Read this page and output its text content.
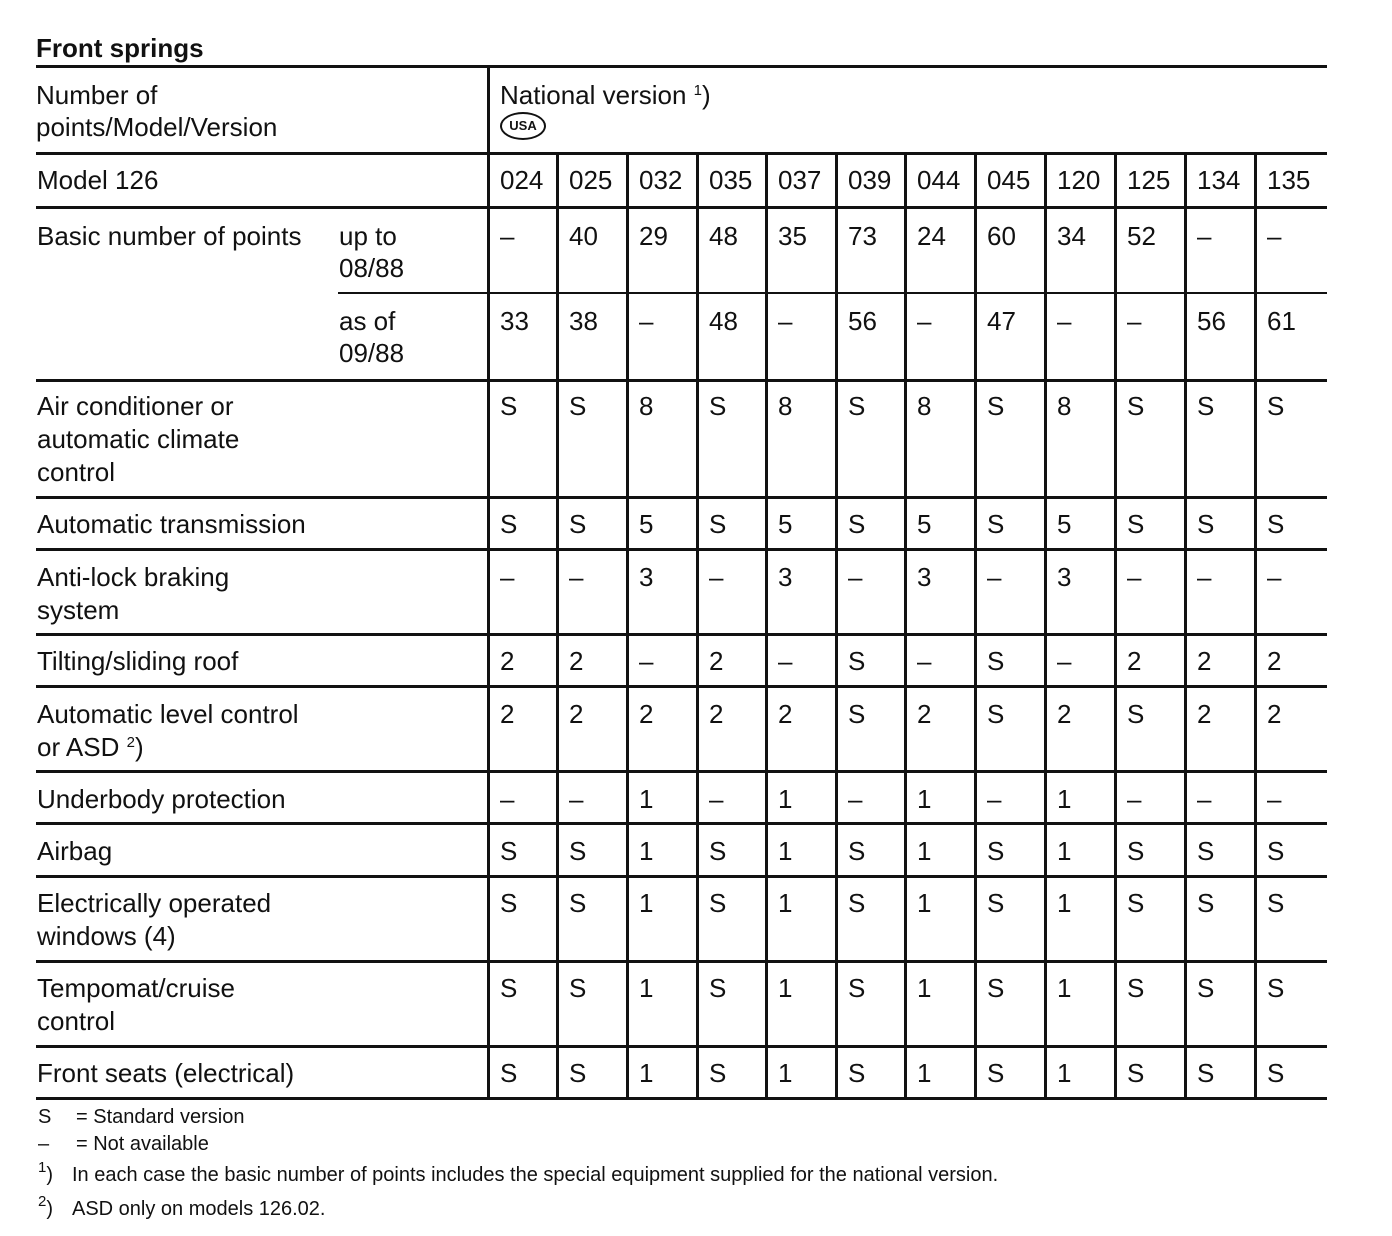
Front springs
Number of
points/Model/Version
National version $^1$)
USA
Model 126	024 025 032 035 037 039 044 045 120 125 134 135
Basic number of points up to
08/88
– 40 29 48 35 73 24 60 34 52 – –
as of
09/88
33 38 – 48 – 56 – 47 – – 56 61
Air conditioner or
automatic climate
control
S S 8 S 8 S 8 S 8 S S S
Automatic transmission	S S 5 S 5 S 5 S 5 S S S
Anti-lock braking
system
– – 3 – 3 – 3 – 3 – – –
Tilting/sliding roof	2 2 – 2 – S – S – 2 2 2
Automatic level control
or ASD $^2$)
2 2 2 2 2 S 2 S 2 S 2 2
Underbody protection	– – 1 – 1 – 1 – 1 – – –
Airbag	S S 1 S 1 S 1 S 1 S S S
Electrically operated
windows (4)
S S 1 S 1 S 1 S 1 S S S
Tempomat/cruise
control
S S 1 S 1 S 1 S 1 S S S
Front seats (electrical)	S S 1 S 1 S 1 S 1 S S S
S = Standard version
– = Not available
$^1$) In each case the basic number of points includes the special equipment supplied for the national version.
$^2$) ASD only on models 126.02.
